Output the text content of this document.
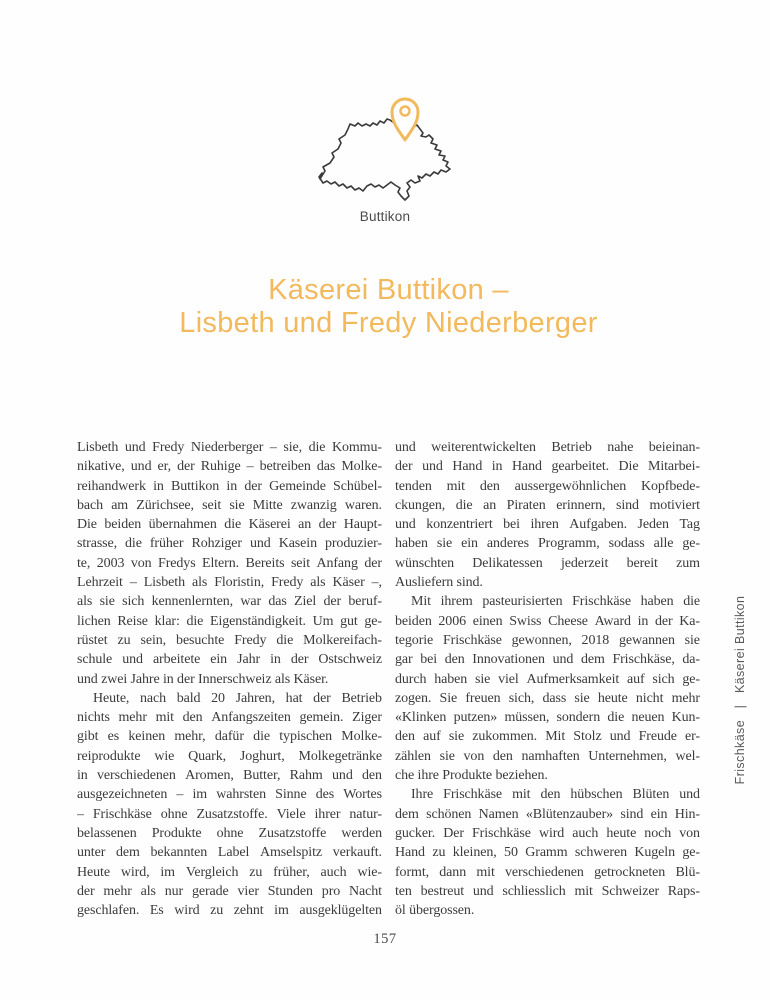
Buttikon
Käserei Buttikon –
Lisbeth und Fredy Niederberger
Lisbeth und Fredy Niederberger – sie, die Kommu-
nikative, und er, der Ruhige – betreiben das Molke-
reihandwerk in Buttikon in der Gemeinde Schübel-
bach am Zürichsee, seit sie Mitte zwanzig waren.
Die beiden übernahmen die Käserei an der Haupt-
strasse, die früher Rohziger und Kasein produzier-
te, 2003 von Fredys Eltern. Bereits seit Anfang der
Lehrzeit – Lisbeth als Floristin, Fredy als Käser –,
als sie sich kennenlernten, war das Ziel der beruf-
lichen Reise klar: die Eigenständigkeit. Um gut ge-
rüstet zu sein, besuchte Fredy die Molkereifach-
schule und arbeitete ein Jahr in der Ostschweiz
und zwei Jahre in der Innerschweiz als Käser.
Heute, nach bald 20 Jahren, hat der Betrieb
nichts mehr mit den Anfangszeiten gemein. Ziger
gibt es keinen mehr, dafür die typischen Molke-
reiprodukte wie Quark, Joghurt, Molkegetränke
in verschiedenen Aromen, Butter, Rahm und den
ausgezeichneten – im wahrsten Sinne des Wortes
– Frischkäse ohne Zusatzstoffe. Viele ihrer natur-
belassenen Produkte ohne Zusatzstoffe werden
unter dem bekannten Label Amselspitz verkauft.
Heute wird, im Vergleich zu früher, auch wie-
der mehr als nur gerade vier Stunden pro Nacht
geschlafen. Es wird zu zehnt im ausgeklügelten
und weiterentwickelten Betrieb nahe beieinan-
der und Hand in Hand gearbeitet. Die Mitarbei-
tenden mit den aussergewöhnlichen Kopfbede-
ckungen, die an Piraten erinnern, sind motiviert
und konzentriert bei ihren Aufgaben. Jeden Tag
haben sie ein anderes Programm, sodass alle ge-
wünschten Delikatessen jederzeit bereit zum
Ausliefern sind.
Mit ihrem pasteurisierten Frischkäse haben die
beiden 2006 einen Swiss Cheese Award in der Ka-
tegorie Frischkäse gewonnen, 2018 gewannen sie
gar bei den Innovationen und dem Frischkäse, da-
durch haben sie viel Aufmerksamkeit auf sich ge-
zogen. Sie freuen sich, dass sie heute nicht mehr
«Klinken putzen» müssen, sondern die neuen Kun-
den auf sie zukommen. Mit Stolz und Freude er-
zählen sie von den namhaften Unternehmen, wel-
che ihre Produkte beziehen.
Ihre Frischkäse mit den hübschen Blüten und
dem schönen Namen «Blütenzauber» sind ein Hin-
gucker. Der Frischkäse wird auch heute noch von
Hand zu kleinen, 50 Gramm schweren Kugeln ge-
formt, dann mit verschiedenen getrockneten Blü-
ten bestreut und schliesslich mit Schweizer Raps-
öl übergossen.
Frischkäse   |   Käserei Buttikon
157
